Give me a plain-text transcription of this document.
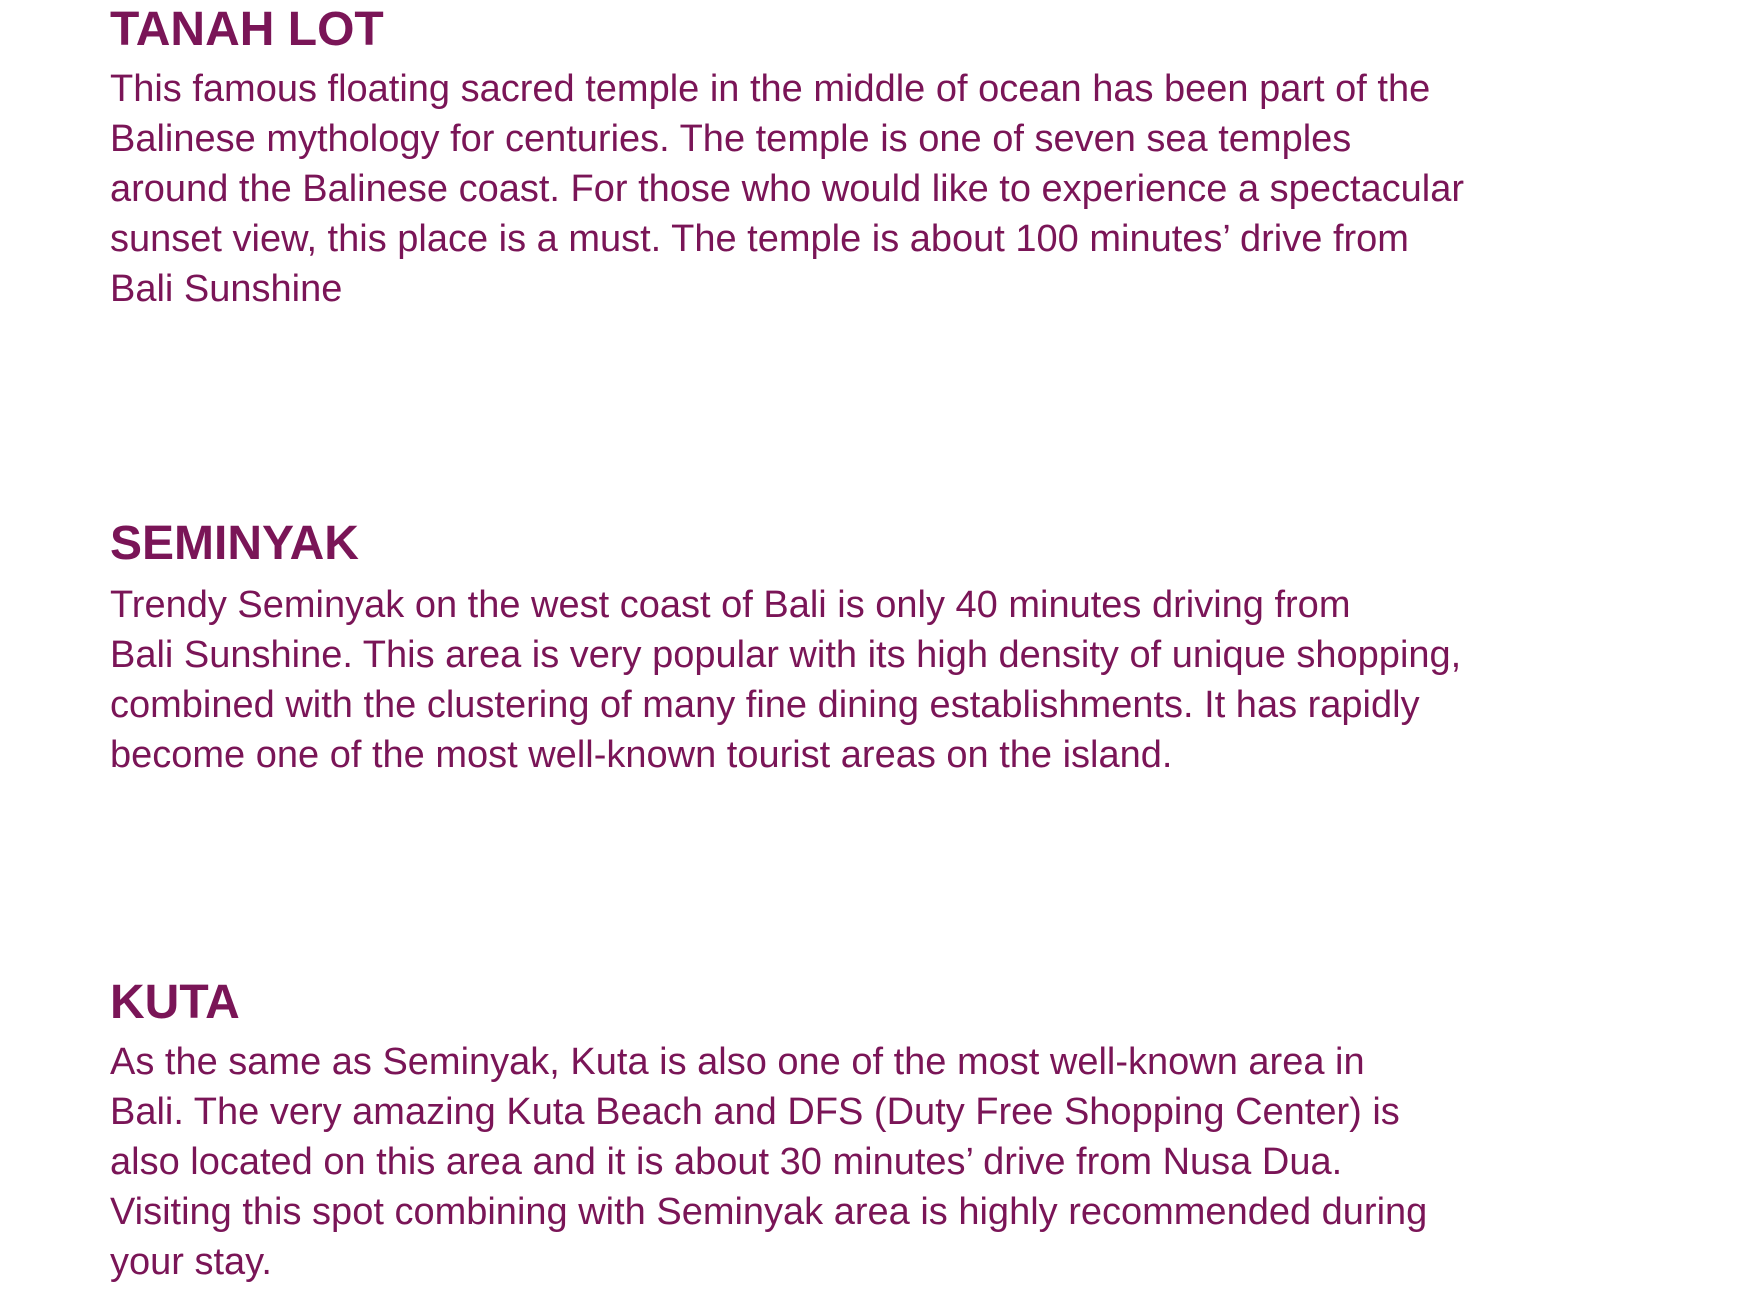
TANAH LOT
This famous floating sacred temple in the middle of ocean has been part of the
Balinese mythology for centuries. The temple is one of seven sea temples
around the Balinese coast. For those who would like to experience a spectacular
sunset view, this place is a must. The temple is about 100 minutes’ drive from
Bali Sunshine
SEMINYAK
Trendy Seminyak on the west coast of Bali is only 40 minutes driving from
Bali Sunshine. This area is very popular with its high density of unique shopping,
combined with the clustering of many fine dining establishments. It has rapidly
become one of the most well-known tourist areas on the island.
KUTA
As the same as Seminyak, Kuta is also one of the most well-known area in
Bali. The very amazing Kuta Beach and DFS (Duty Free Shopping Center) is
also located on this area and it is about 30 minutes’ drive from Nusa Dua.
Visiting this spot combining with Seminyak area is highly recommended during
your stay.
